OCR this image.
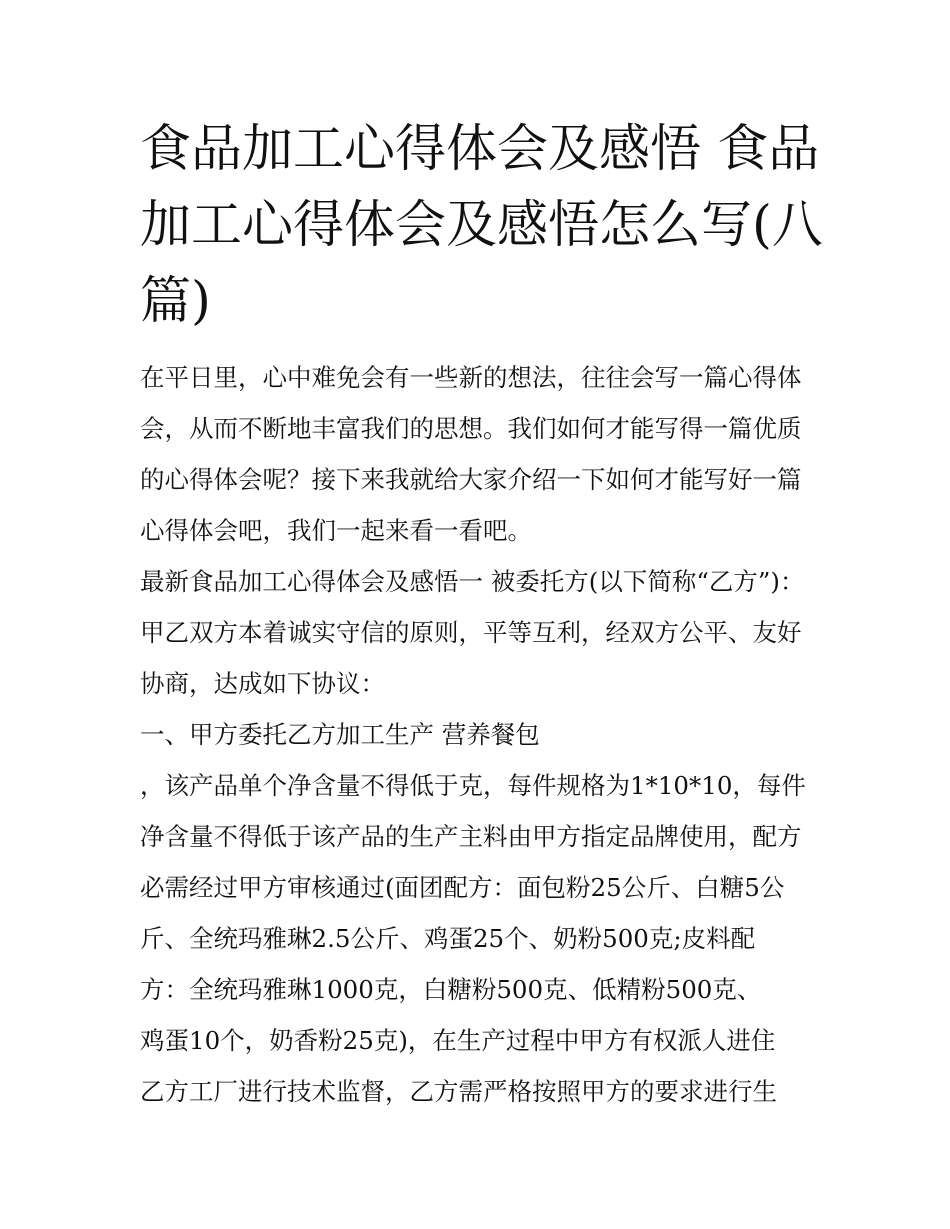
食品加工心得体会及感悟 食品
加工心得体会及感悟怎么写(八
篇)
在平日里，心中难免会有一些新的想法，往往会写一篇心得体
会，从而不断地丰富我们的思想。我们如何才能写得一篇优质
的心得体会呢？接下来我就给大家介绍一下如何才能写好一篇
心得体会吧，我们一起来看一看吧。
最新食品加工心得体会及感悟一 被委托方(以下简称“乙方”)：
甲乙双方本着诚实守信的原则，平等互利，经双方公平、友好
协商，达成如下协议：
一、甲方委托乙方加工生产 营养餐包
，该产品单个净含量不得低于克，每件规格为1*10*10，每件
净含量不得低于该产品的生产主料由甲方指定品牌使用，配方
必需经过甲方审核通过(面团配方：面包粉25公斤、白糖5公
斤、全统玛雅琳2.5公斤、鸡蛋25个、奶粉500克;皮料配
方：全统玛雅琳1000克，白糖粉500克、低精粉500克、
鸡蛋10个，奶香粉25克)，在生产过程中甲方有权派人进住
乙方工厂进行技术监督，乙方需严格按照甲方的要求进行生
